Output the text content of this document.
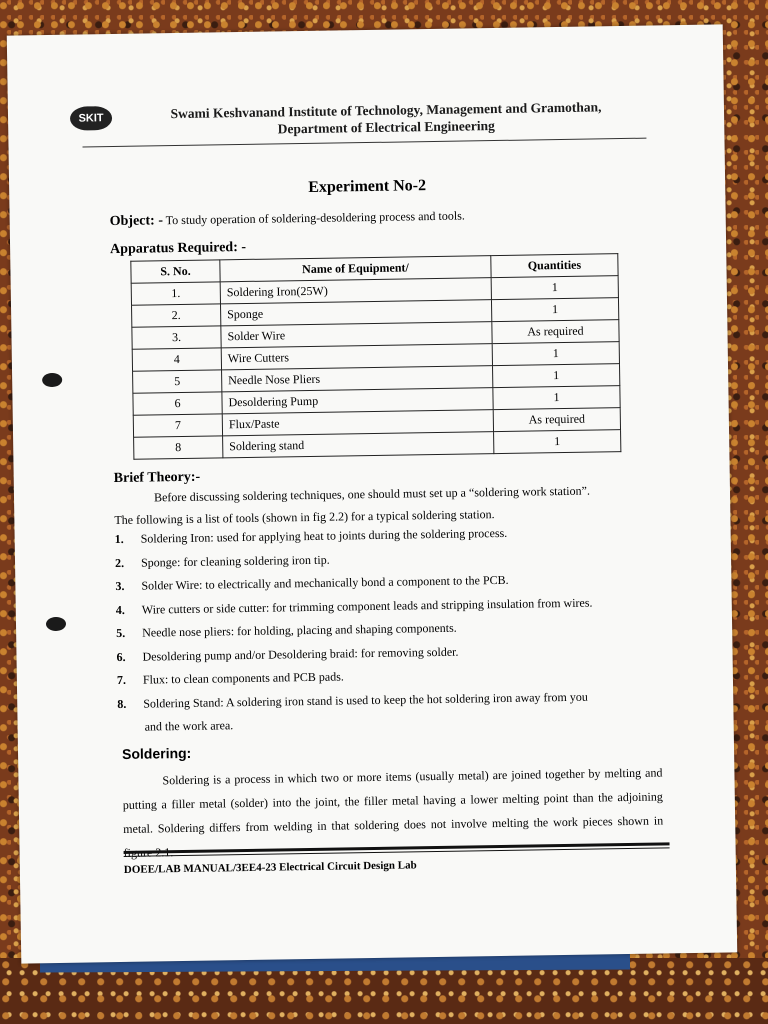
SKIT	Swami Keshvanand Institute of Technology, Management and Gramothan,
Department of Electrical Engineering
Experiment No-2
Object: - To study operation of soldering-desoldering process and tools.
Apparatus Required: -
S. No.	Name of Equipment/	Quantities
1.	Soldering Iron(25W)	1
2.	Sponge	1
3.	Solder Wire	As required
4	Wire Cutters	1
5	Needle Nose Pliers	1
6	Desoldering Pump	1
7	Flux/Paste	As required
8	Soldering stand	1
Brief Theory:-
Before discussing soldering techniques, one should must set up a “soldering work station”.
The following is a list of tools (shown in fig 2.2) for a typical soldering station.
1.	Soldering Iron: used for applying heat to joints during the soldering process.
2.	Sponge: for cleaning soldering iron tip.
3.	Solder Wire: to electrically and mechanically bond a component to the PCB.
4.	Wire cutters or side cutter: for trimming component leads and stripping insulation from wires.
5.	Needle nose pliers: for holding, placing and shaping components.
6.	Desoldering pump and/or Desoldering braid: for removing solder.
7.	Flux: to clean components and PCB pads.
8.	Soldering Stand: A soldering iron stand is used to keep the hot soldering iron away from you
and the work area.
Soldering:
Soldering is a process in which two or more items (usually metal) are joined together by melting and putting a filler metal (solder) into the joint, the filler metal having a lower melting point than the adjoining metal. Soldering differs from welding in that soldering does not involve melting the work pieces shown in
DOEE/LAB MANUAL/3EE4-23 Electrical Circuit Design Lab
